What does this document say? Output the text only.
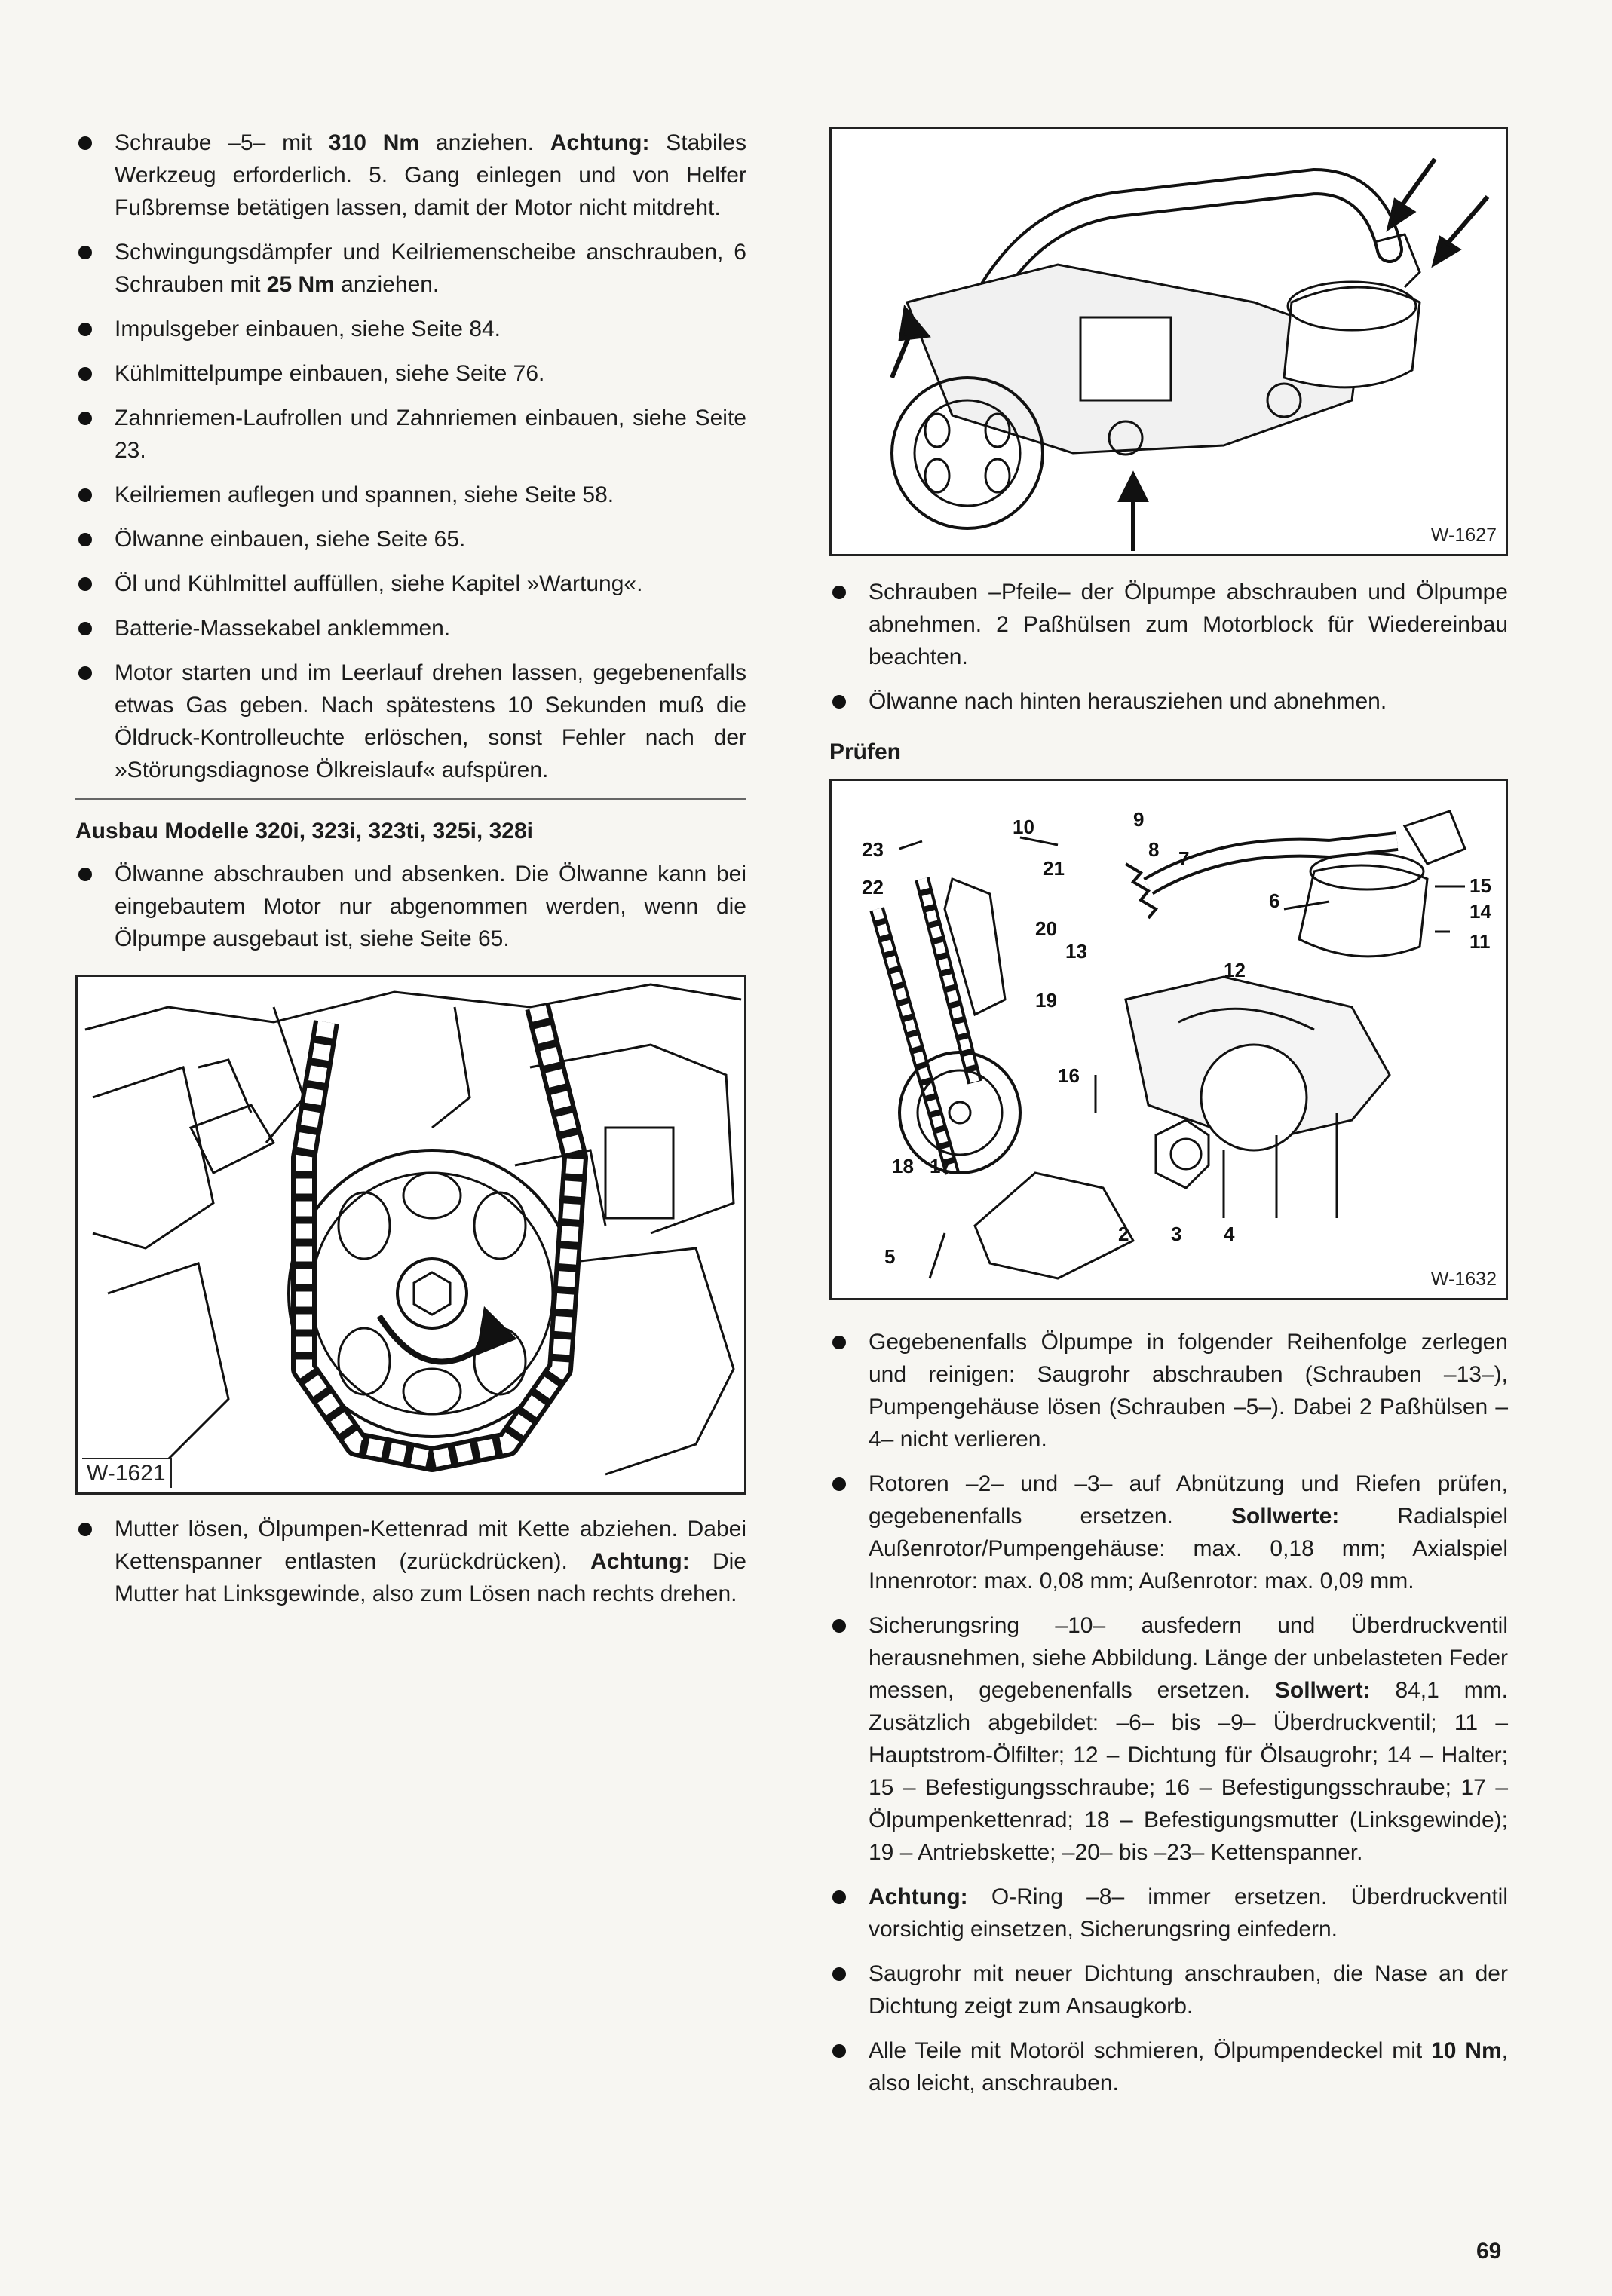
Schraube –5– mit 310 Nm anziehen. Achtung: Stabiles Werkzeug erforderlich. 5. Gang einlegen und von Helfer Fußbremse betätigen lassen, damit der Motor nicht mitdreht.
Schwingungsdämpfer und Keilriemenscheibe anschrauben, 6 Schrauben mit 25 Nm anziehen.
Impulsgeber einbauen, siehe Seite 84.
Kühlmittelpumpe einbauen, siehe Seite 76.
Zahnriemen-Laufrollen und Zahnriemen einbauen, siehe Seite 23.
Keilriemen auflegen und spannen, siehe Seite 58.
Ölwanne einbauen, siehe Seite 65.
Öl und Kühlmittel auffüllen, siehe Kapitel »Wartung«.
Batterie-Massekabel anklemmen.
Motor starten und im Leerlauf drehen lassen, gegebenenfalls etwas Gas geben. Nach spätestens 10 Sekunden muß die Öldruck-Kontrolleuchte erlöschen, sonst Fehler nach der »Störungsdiagnose Ölkreislauf« aufspüren.
Ausbau Modelle 320i, 323i, 323ti, 325i, 328i
Ölwanne abschrauben und absenken. Die Ölwanne kann bei eingebautem Motor nur abgenommen werden, wenn die Ölpumpe ausgebaut ist, siehe Seite 65.
W-1621
Mutter lösen, Ölpumpen-Kettenrad mit Kette abziehen. Dabei Kettenspanner entlasten (zurückdrücken). Achtung: Die Mutter hat Linksgewinde, also zum Lösen nach rechts drehen.
W-1627
Schrauben –Pfeile– der Ölpumpe abschrauben und Ölpumpe abnehmen. 2 Paßhülsen zum Motorblock für Wiedereinbau beachten.
Ölwanne nach hinten herausziehen und abnehmen.
Prüfen
10	9
8 7
23
21
22
6
15
14
20
13	11
12
19
16
18 17
5
2 3 4
W-1632
Gegebenenfalls Ölpumpe in folgender Reihenfolge zerlegen und reinigen: Saugrohr abschrauben (Schrauben –13–), Pumpengehäuse lösen (Schrauben –5–). Dabei 2 Paßhülsen –4– nicht verlieren.
Rotoren –2– und –3– auf Abnützung und Riefen prüfen, gegebenenfalls ersetzen. Sollwerte: Radialspiel Außenrotor/Pumpengehäuse: max. 0,18 mm; Axialspiel Innenrotor: max. 0,08 mm; Außenrotor: max. 0,09 mm.
Sicherungsring –10– ausfedern und Überdruckventil herausnehmen, siehe Abbildung. Länge der unbelasteten Feder messen, gegebenenfalls ersetzen. Sollwert: 84,1 mm. Zusätzlich abgebildet: –6– bis –9– Überdruckventil; 11 – Hauptstrom-Ölfilter; 12 – Dichtung für Ölsaugrohr; 14 – Halter; 15 – Befestigungsschraube; 16 – Befestigungsschraube; 17 – Ölpumpenkettenrad; 18 – Befestigungsmutter (Linksgewinde); 19 – Antriebskette; –20– bis –23– Kettenspanner.
Achtung: O-Ring –8– immer ersetzen. Überdruckventil vorsichtig einsetzen, Sicherungsring einfedern.
Saugrohr mit neuer Dichtung anschrauben, die Nase an der Dichtung zeigt zum Ansaugkorb.
Alle Teile mit Motoröl schmieren, Ölpumpendeckel mit 10 Nm, also leicht, anschrauben.
69
